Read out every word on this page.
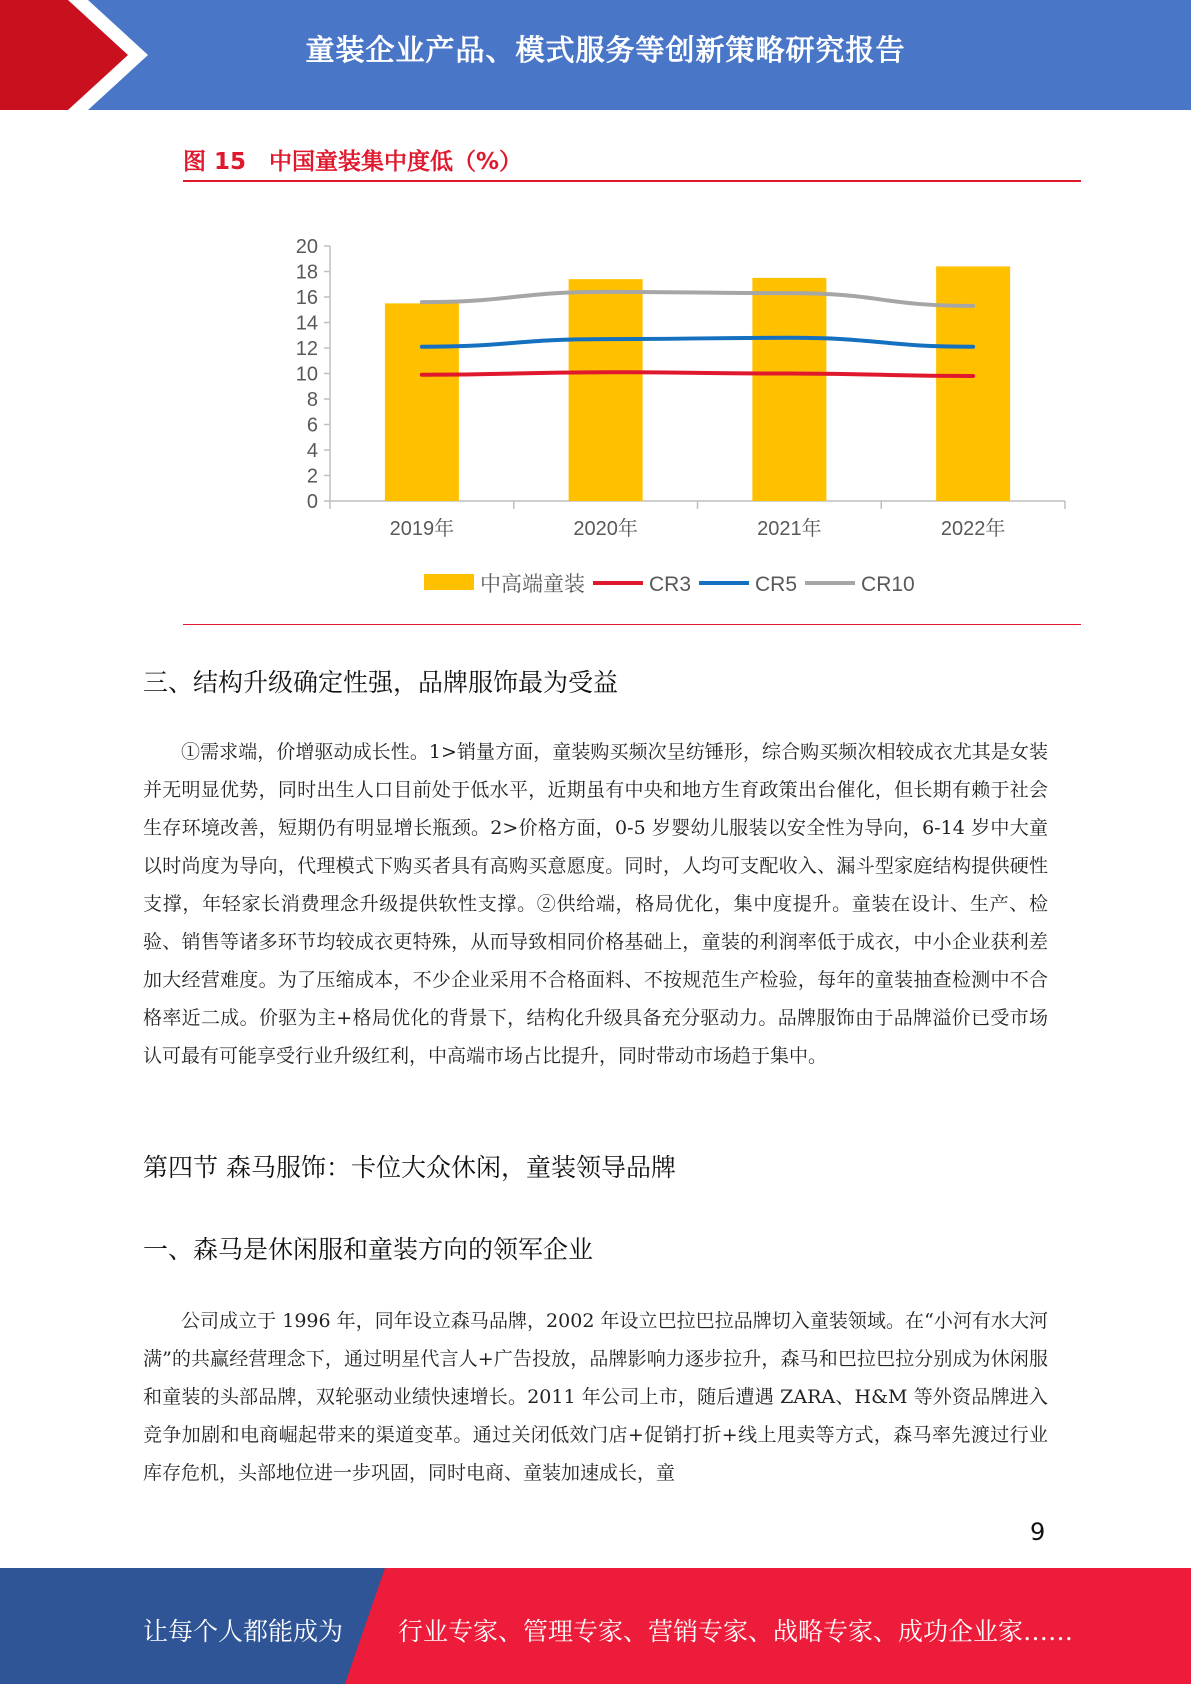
童装企业产品、模式服务等创新策略研究报告
图 15　中国童装集中度低（%）
0
2
4
6
8
10
12
14
16
18
20
2019年	2020年	2021年	2022年
中高端童装	CR3	CR5	CR10
三、结构升级确定性强，品牌服饰最为受益

①需求端，价增驱动成长性。1>销量方面，童装购买频次呈纺锤形，综合购买频次相较成衣尤其是女装并无明显优势，同时出生人口目前处于低水平，近期虽有中央和地方生育政策出台催化，但长期有赖于社会生存环境改善，短期仍有明显增长瓶颈。2>价格方面，0-5 岁婴幼儿服装以安全性为导向，6-14 岁中大童以时尚度为导向，代理模式下购买者具有高购买意愿度。同时，人均可支配收入、漏斗型家庭结构提供硬性支撑，年轻家长消费理念升级提供软性支撑。②供给端，格局优化，集中度提升。童装在设计、生产、检验、销售等诸多环节均较成衣更特殊，从而导致相同价格基础上，童装的利润率低于成衣，中小企业获利差加大经营难度。为了压缩成本，不少企业采用不合格面料、不按规范生产检验，每年的童装抽查检测中不合格率近二成。价驱为主+格局优化的背景下，结构化升级具备充分驱动力。品牌服饰由于品牌溢价已受市场认可最有可能享受行业升级红利，中高端市场占比提升，同时带动市场趋于集中。

第四节 森马服饰：卡位大众休闲，童装领导品牌
一、森马是休闲服和童装方向的领军企业

公司成立于 1996 年，同年设立森马品牌，2002 年设立巴拉巴拉品牌切入童装领域。在“小河有水大河满”的共赢经营理念下，通过明星代言人+广告投放，品牌影响力逐步拉升，森马和巴拉巴拉分别成为休闲服和童装的头部品牌，双轮驱动业绩快速增长。2011 年公司上市，随后遭遇 ZARA、H&M 等外资品牌进入竞争加剧和电商崛起带来的渠道变革。通过关闭低效门店+促销打折+线上甩卖等方式，森马率先渡过行业库存危机，头部地位进一步巩固，同时电商、童装加速成长，童

9
让每个人都能成为 行业专家、管理专家、营销专家、战略专家、成功企业家……
